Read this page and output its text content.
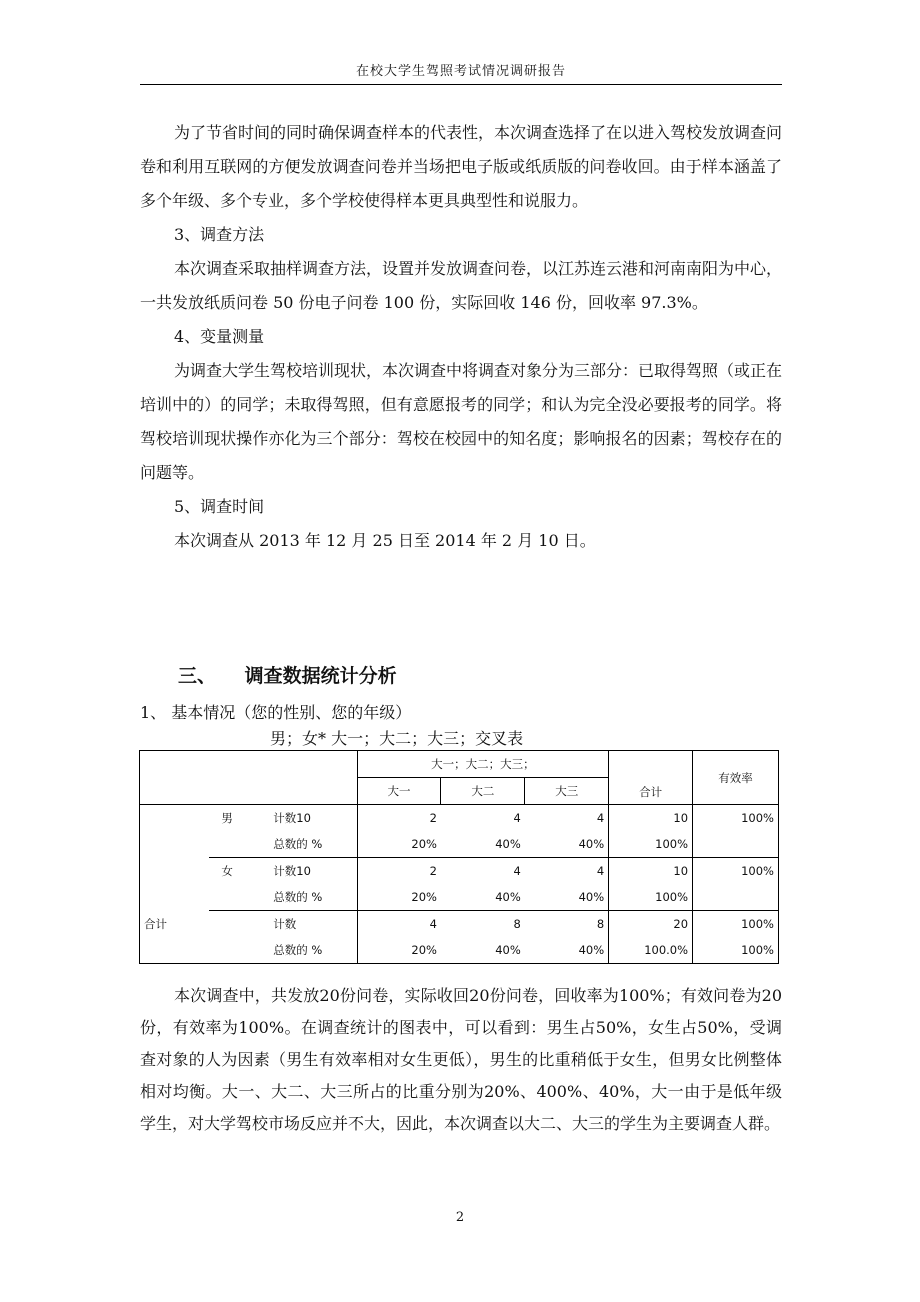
在校大学生驾照考试情况调研报告

为了节省时间的同时确保调查样本的代表性，本次调查选择了在以进入驾校发放调查问卷和利用互联网的方便发放调查问卷并当场把电子版或纸质版的问卷收回。由于样本涵盖了多个年级、多个专业，多个学校使得样本更具典型性和说服力。

3、调查方法

本次调查采取抽样调查方法，设置并发放调查问卷，以江苏连云港和河南南阳为中心，一共发放纸质问卷 50 份电子问卷 100 份，实际回收 146 份，回收率 97.3%。

4、变量测量

为调查大学生驾校培训现状，本次调查中将调查对象分为三部分：已取得驾照（或正在培训中的）的同学；未取得驾照，但有意愿报考的同学；和认为完全没必要报考的同学。将驾校培训现状操作亦化为三个部分：驾校在校园中的知名度；影响报名的因素；驾校存在的问题等。

5、调查时间

本次调查从 2013 年 12 月 25 日至 2014 年 2 月 10 日。

三、 调查数据统计分析
1、 基本情况（您的性别、您的年级）
男；女* 大一；大二；大三；交叉表
			大一；大二；大三；			合计	有效率
			大一	大二	大三		
	男	计数10	2	4	4	10	100%
		总数的 %	20%	40%	40%	100%	
	女	计数10	2	4	4	10	100%
		总数的 %	20%	40%	40%	100%	
合计		计数	4	8	8	20	100%
		总数的 %	20%	40%	40%	100.0%	100%

本次调查中，共发放20份问卷，实际收回20份问卷，回收率为100%；有效问卷为20份，有效率为100%。在调查统计的图表中，可以看到：男生占50%，女生占50%，受调查对象的人为因素（男生有效率相对女生更低），男生的比重稍低于女生，但男女比例整体相对均衡。大一、大二、大三所占的比重分别为20%、400%、40%，大一由于是低年级学生，对大学驾校市场反应并不大，因此，本次调查以大二、大三的学生为主要调查人群。

2
